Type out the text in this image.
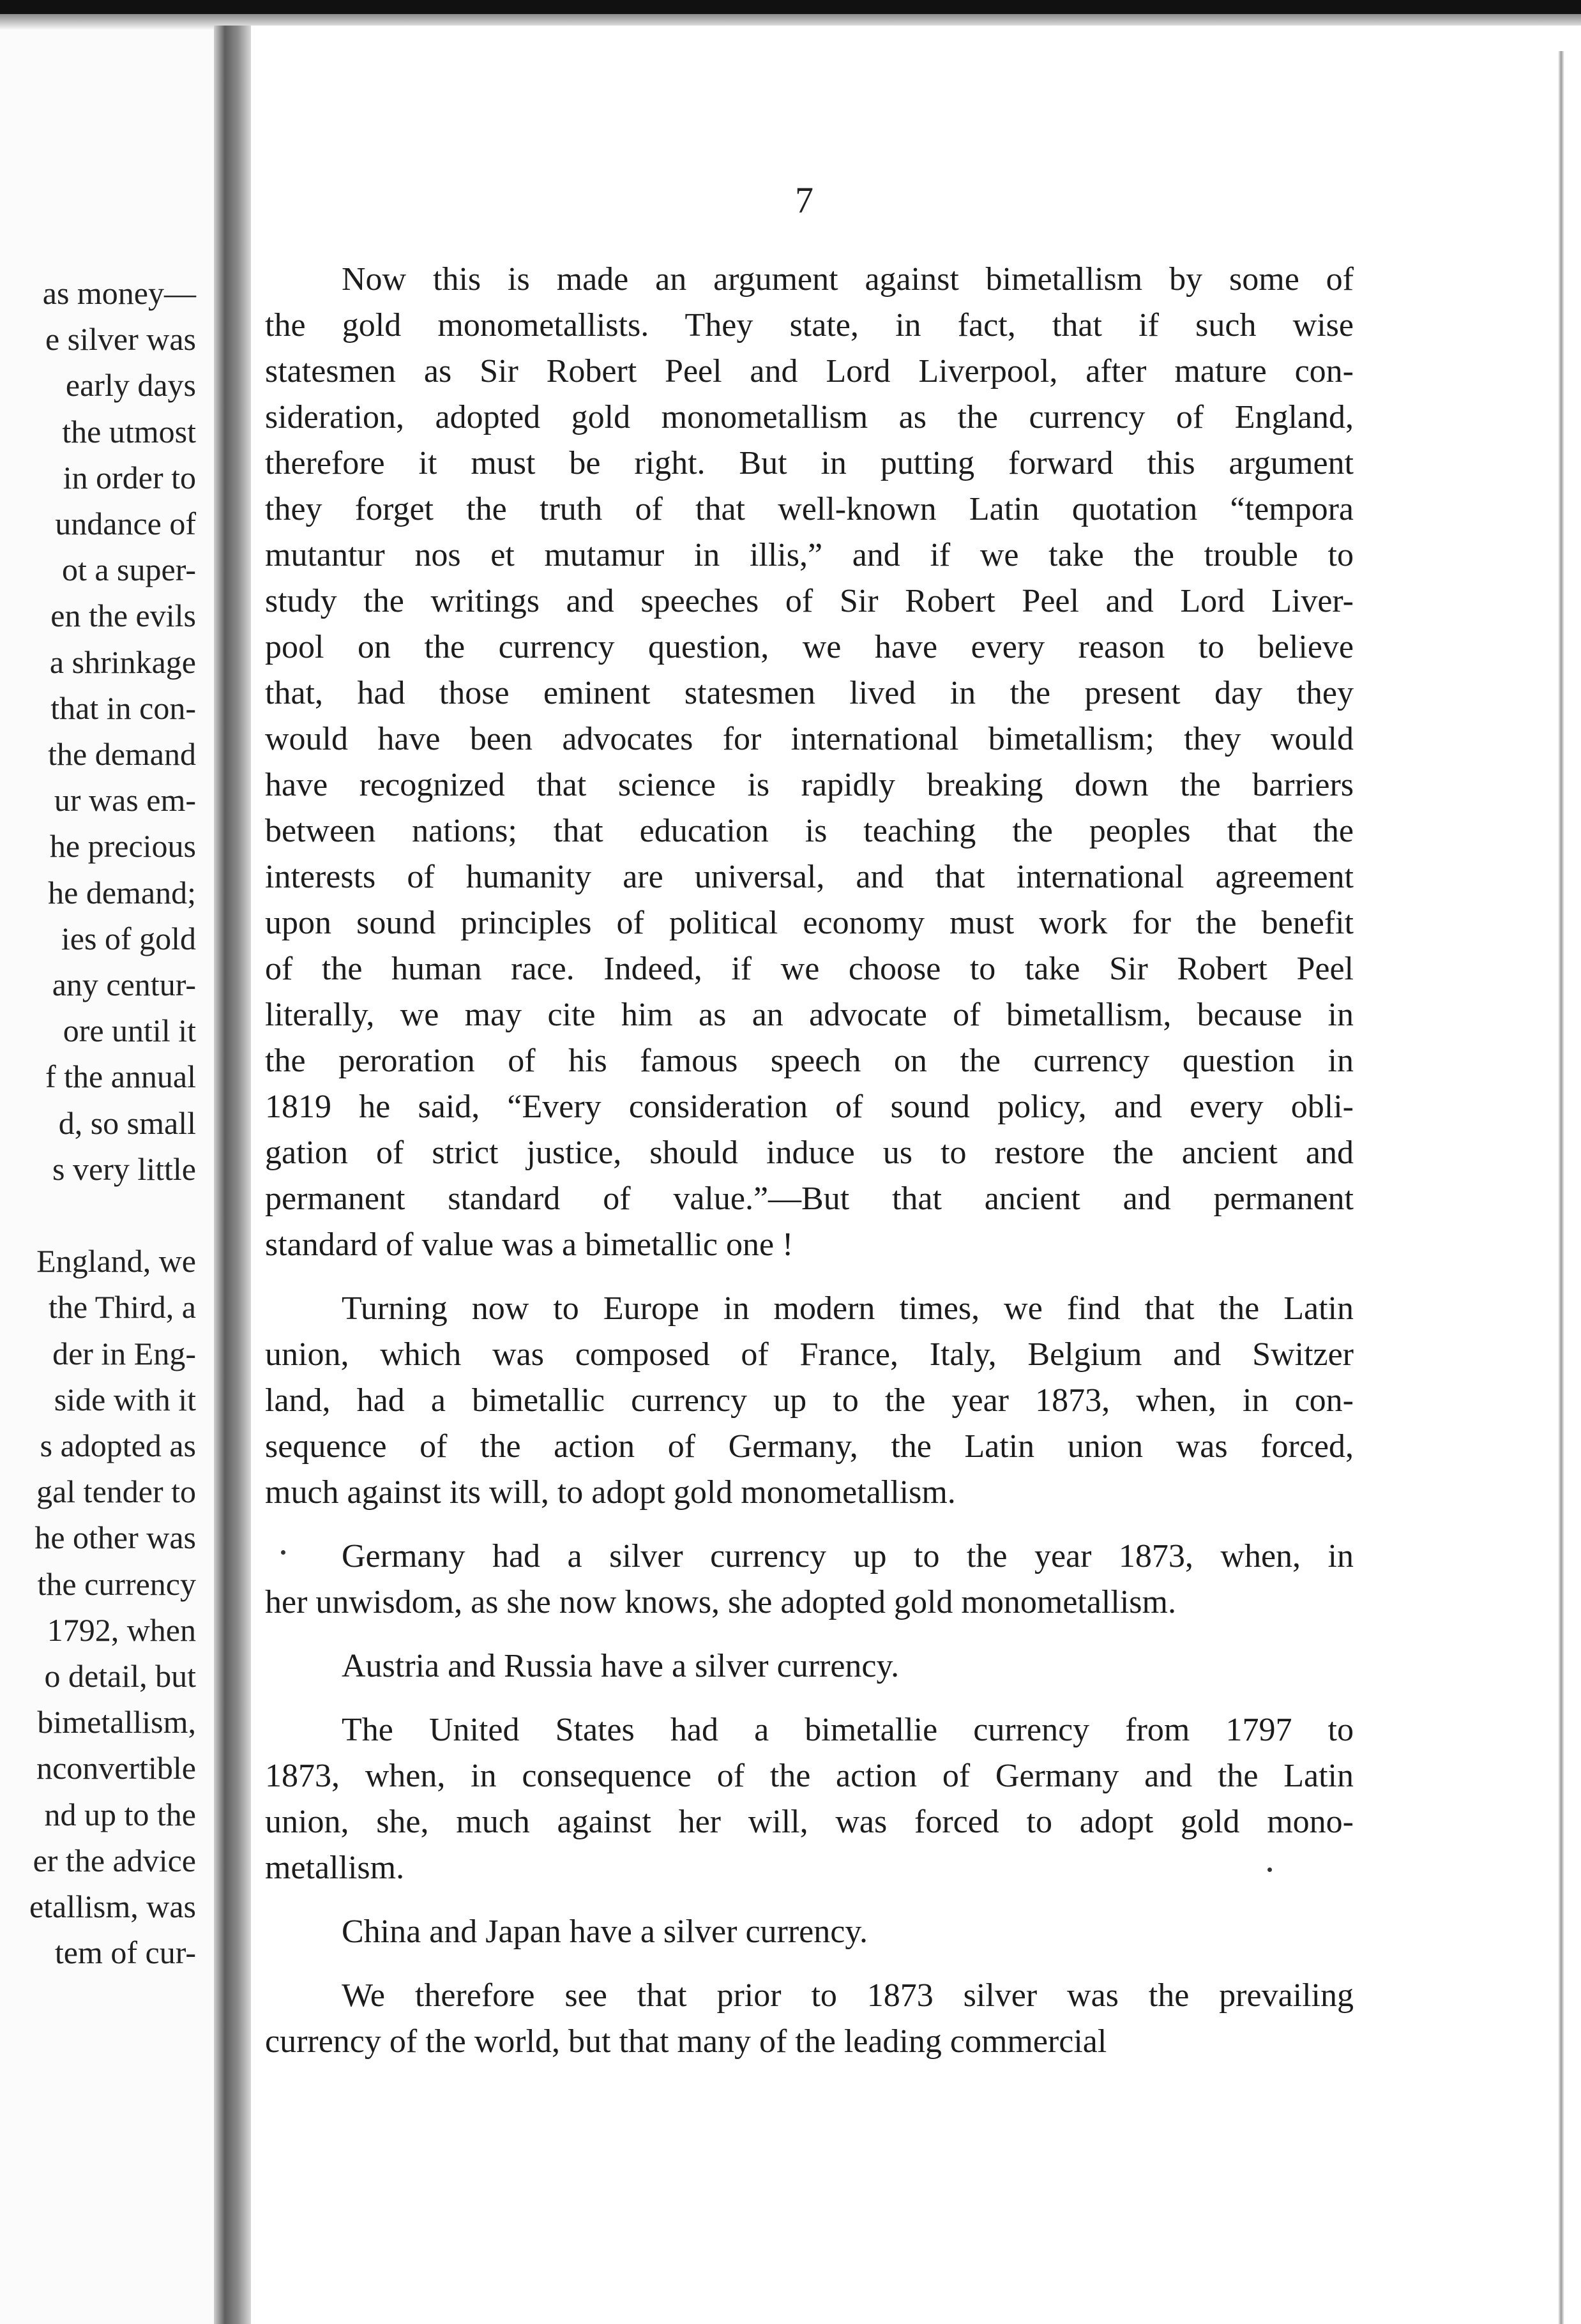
as money—
e silver was
early days
the utmost
in order to
undance of
ot a super-
en the evils
a shrinkage
that in con-
the demand
ur was em-
he precious
he demand;
ies of gold
any centur-
ore until it
f the annual
d, so small
s very little
England, we
the Third, a
der in Eng-
side with it
s adopted as
gal tender to
he other was
the currency
1792, when
o detail, but
bimetallism,
nconvertible
nd up to the
er the advice
etallism, was
tem of cur-
7
Now this is made an argument against bimetallism by some of
the gold monometallists. They state, in fact, that if such wise
statesmen as Sir Robert Peel and Lord Liverpool, after mature con-
sideration, adopted gold monometallism as the currency of England,
therefore it must be right. But in putting forward this argument
they forget the truth of that well-known Latin quotation “tempora
mutantur nos et mutamur in illis,” and if we take the trouble to
study the writings and speeches of Sir Robert Peel and Lord Liver-
pool on the currency question, we have every reason to believe
that, had those eminent statesmen lived in the present day they
would have been advocates for international bimetallism; they would
have recognized that science is rapidly breaking down the barriers
between nations; that education is teaching the peoples that the
interests of humanity are universal, and that international agreement
upon sound principles of political economy must work for the benefit
of the human race. Indeed, if we choose to take Sir Robert Peel
literally, we may cite him as an advocate of bimetallism, because in
the peroration of his famous speech on the currency question in
1819 he said, “Every consideration of sound policy, and every obli-
gation of strict justice, should induce us to restore the ancient and
permanent standard of value.”—But that ancient and permanent
standard of value was a bimetallic one !
Turning now to Europe in modern times, we find that the Latin
union, which was composed of France, Italy, Belgium and Switzer
land, had a bimetallic currency up to the year 1873, when, in con-
sequence of the action of Germany, the Latin union was forced,
much against its will, to adopt gold monometallism.
Germany had a silver currency up to the year 1873, when, in
her unwisdom, as she now knows, she adopted gold monometallism.
Austria and Russia have a silver currency.
The United States had a bimetallie currency from 1797 to
1873, when, in consequence of the action of Germany and the Latin
union, she, much against her will, was forced to adopt gold mono-
metallism.
China and Japan have a silver currency.
We therefore see that prior to 1873 silver was the prevailing
currency of the world, but that many of the leading commercial
